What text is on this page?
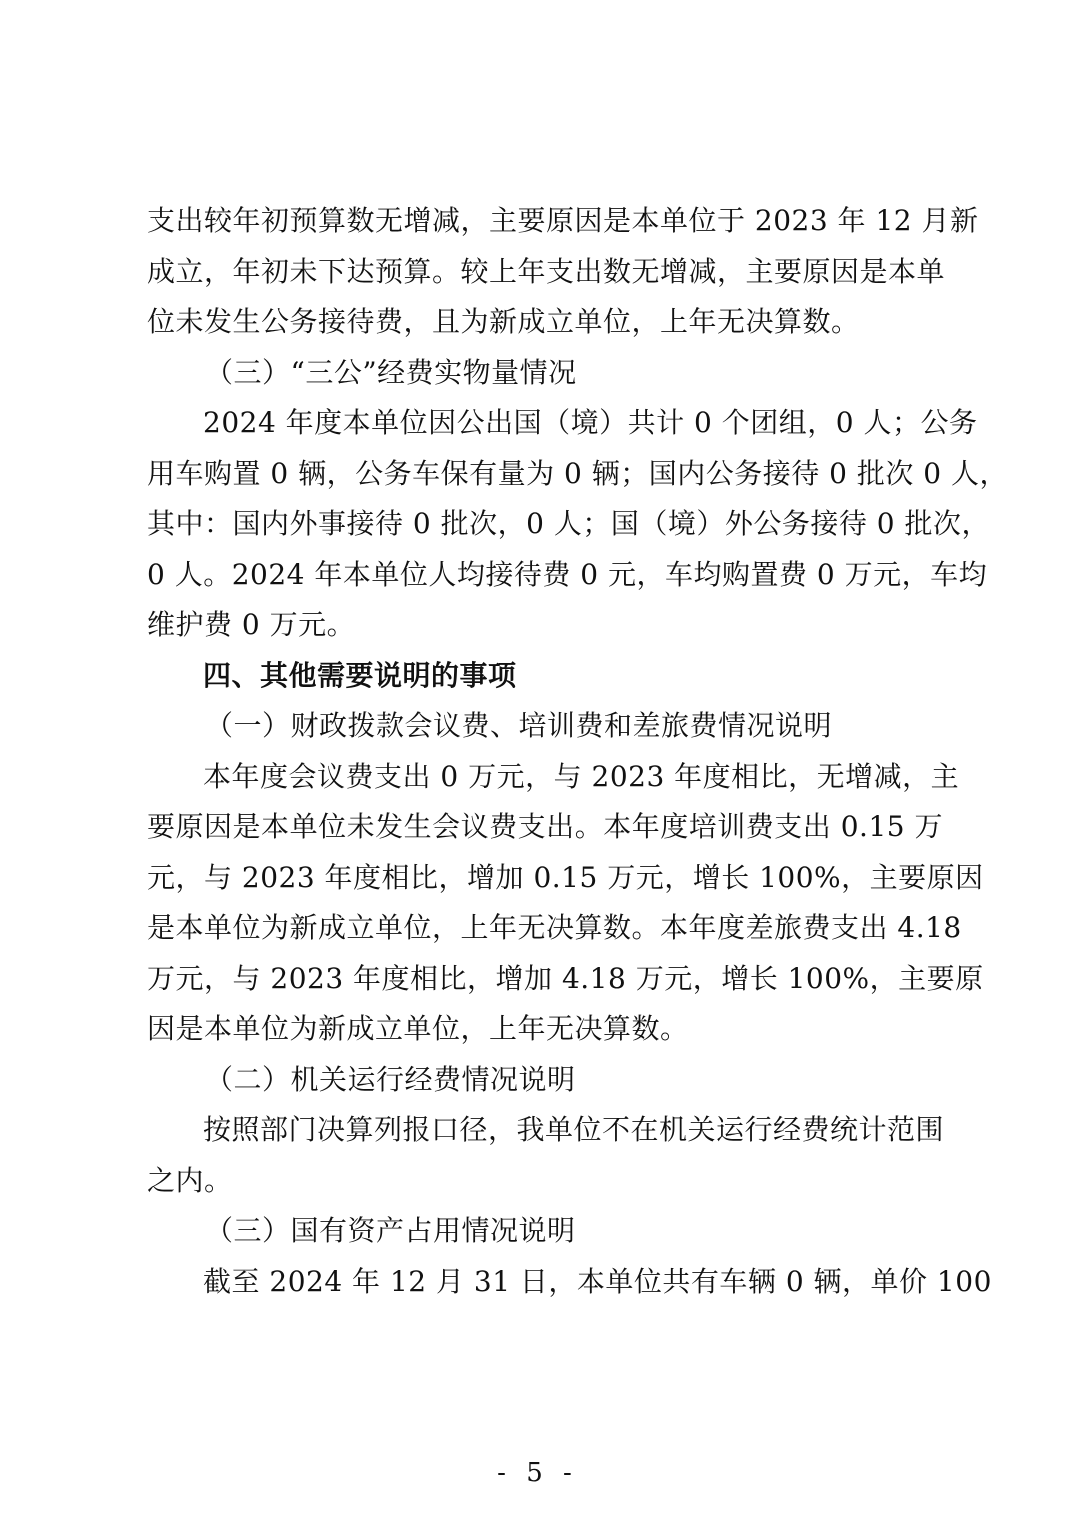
支出较年初预算数无增减，主要原因是本单位于 2023 年 12 月新
成立，年初未下达预算。较上年支出数无增减，主要原因是本单
位未发生公务接待费，且为新成立单位，上年无决算数。
（三）“三公”经费实物量情况
2024 年度本单位因公出国（境）共计 0 个团组，0 人；公务
用车购置 0 辆，公务车保有量为 0 辆；国内公务接待 0 批次 0 人，
其中：国内外事接待 0 批次，0 人；国（境）外公务接待 0 批次，
0 人。2024 年本单位人均接待费 0 元，车均购置费 0 万元，车均
维护费 0 万元。
四、其他需要说明的事项
（一）财政拨款会议费、培训费和差旅费情况说明
本年度会议费支出 0 万元，与 2023 年度相比，无增减，主
要原因是本单位未发生会议费支出。本年度培训费支出 0.15 万
元，与 2023 年度相比，增加 0.15 万元，增长 100%，主要原因
是本单位为新成立单位，上年无决算数。本年度差旅费支出 4.18
万元，与 2023 年度相比，增加 4.18 万元，增长 100%，主要原
因是本单位为新成立单位，上年无决算数。
（二）机关运行经费情况说明
按照部门决算列报口径，我单位不在机关运行经费统计范围
之内。
（三）国有资产占用情况说明
截至 2024 年 12 月 31 日，本单位共有车辆 0 辆，单价 100
- 5 -
